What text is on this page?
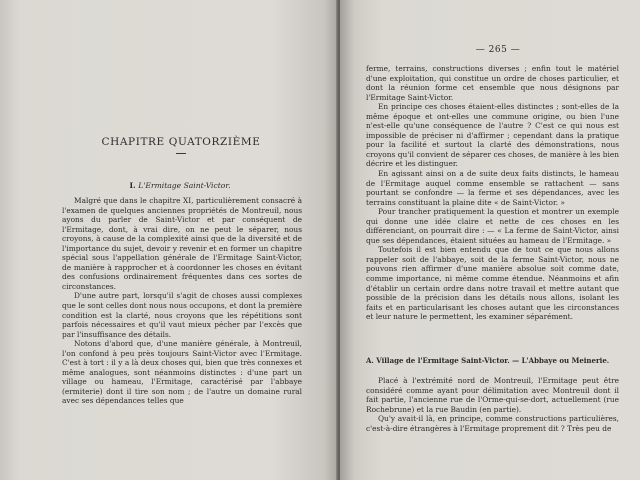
CHAPITRE QUATORZIÈME
I. L'Ermitage Saint-Victor.

Malgré que dans le chapitre XI, particulièrement consacré à l'examen de quelques anciennes propriétés de Montreuil, nous ayons du parler de Saint-Victor et par conséquent de l'Ermitage, dont, à vrai dire, on ne peut le séparer, nous croyons, à cause de la complexité ainsi que de la diversité et de l'importance du sujet, devoir y revenir et en former un chapitre spécial sous l'appellation générale de l'Ermitage Saint-Victor, de manière à rapprocher et à coordonner les choses en évitant des confusions ordinairement fréquentes dans ces sortes de circonstances.

D'une autre part, lorsqu'il s'agit de choses aussi complexes que le sont celles dont nous nous occupons, et dont la première condition est la clarté, nous croyons que les répétitions sont parfois nécessaires et qu'il vaut mieux pécher par l'excès que par l'insuffisance des détails.

Notons d'abord que, d'une manière générale, à Montreuil, l'on confond à peu près toujours Saint-Victor avec l'Ermitage. C'est à tort : il y a là deux choses qui, bien que très connexes et même analogues, sont néanmoins distinctes : d'une part un village ou hameau, l'Ermitage, caractérisé par l'abbaye (ermiterie) dont il tire son nom ; de l'autre un domaine rural avec ses dépendances telles que

— 265 —

ferme, terrains, constructions diverses ; enfin tout le matériel d'une exploitation, qui constitue un ordre de choses particulier, et dont la réunion forme cet ensemble que nous désignons par l'Ermitage Saint-Victor.

En principe ces choses étaient-elles distinctes ; sont-elles de la même époque et ont-elles une commune origine, ou bien l'une n'est-elle qu'une conséquence de l'autre ? C'est ce qui nous est impossible de préciser ni d'affirmer ; cependant dans la pratique pour la facilité et surtout la clarté des démonstrations, nous croyons qu'il convient de séparer ces choses, de manière à les bien décrire et les distinguer.

En agissant ainsi on a de suite deux faits distincts, le hameau de l'Ermitage auquel comme ensemble se rattachent — sans pourtant se confondre — la ferme et ses dépendances, avec les terrains constituant la plaine dite « de Saint-Victor. »

Pour trancher pratiquement la question et montrer un exemple qui donne une idée claire et nette de ces choses en les différenciant, on pourrait dire : — « La ferme de Saint-Victor, ainsi que ses dépendances, étaient situées au hameau de l'Ermitage. »

Toutefois il est bien entendu que de tout ce que nous allons rappeler soit de l'abbaye, soit de la ferme Saint-Victor, nous ne pouvons rien affirmer d'une manière absolue soit comme date, comme importance, ni même comme étendue. Néanmoins et afin d'établir un certain ordre dans notre travail et mettre autant que possible de la précision dans les détails nous allons, isolant les faits et en particularisant les choses autant que les circonstances et leur nature le permettent, les examiner séparément.

A. Village de l'Ermitage Saint-Victor. — L'Abbaye ou Meinerie.

Placé à l'extrémité nord de Montreuil, l'Ermitage peut être considéré comme ayant pour délimitation avec Montreuil dont il fait partie, l'ancienne rue de l'Orme-qui-se-dort, actuellement (rue Rochebrune) et la rue Baudin (en partie).

Qu'y avait-il là, en principe, comme constructions particulières, c'est-à-dire étrangères à l'Ermitage proprement dit ? Très peu de
